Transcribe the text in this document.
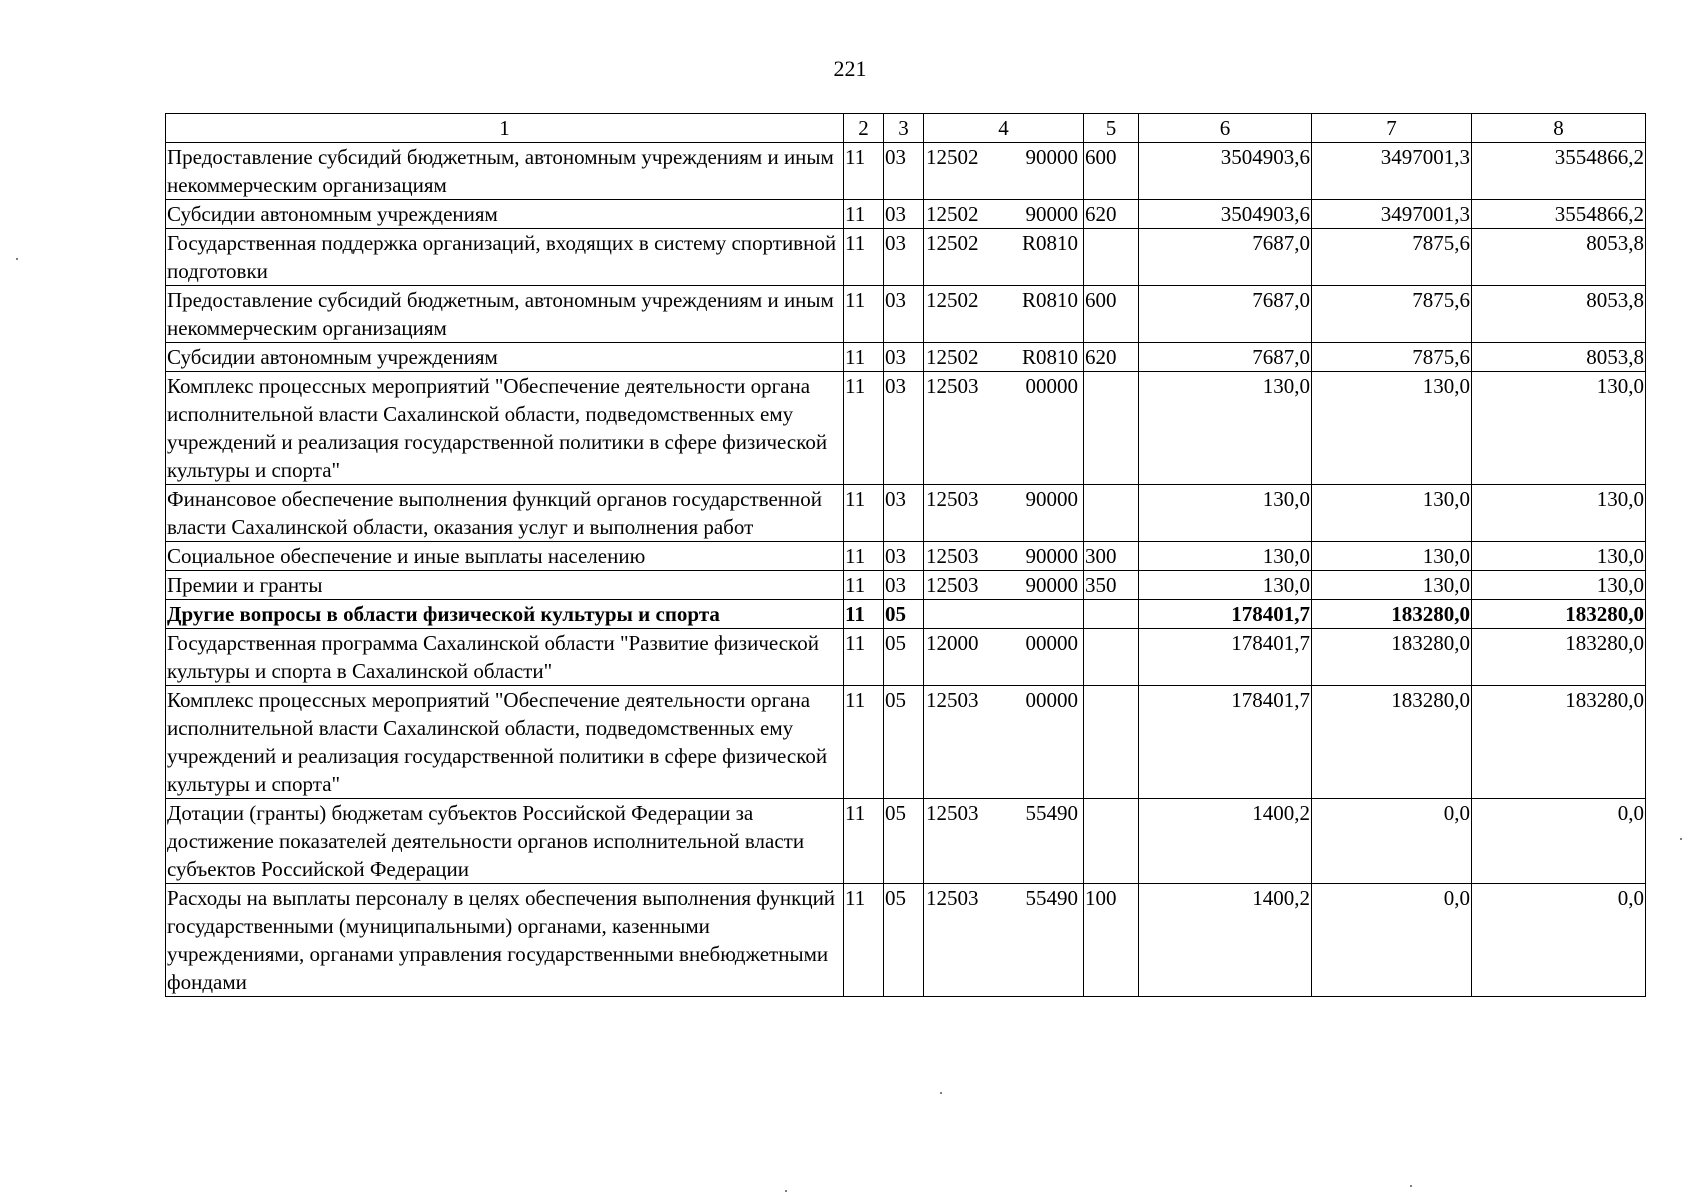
221
1	2	3	4	5	6	7	8
Предоставление субсидий бюджетным, автономным учреждениям и иным некоммерческим организациям	11	03	12502 90000	600	3504903,6	3497001,3	3554866,2
Субсидии автономным учреждениям	11	03	12502 90000	620	3504903,6	3497001,3	3554866,2
Государственная поддержка организаций, входящих в систему спортивной подготовки	11	03	12502 R0810		7687,0	7875,6	8053,8
Предоставление субсидий бюджетным, автономным учреждениям и иным некоммерческим организациям	11	03	12502 R0810	600	7687,0	7875,6	8053,8
Субсидии автономным учреждениям	11	03	12502 R0810	620	7687,0	7875,6	8053,8
Комплекс процессных мероприятий "Обеспечение деятельности органа исполнительной власти Сахалинской области, подведомственных ему учреждений и реализация государственной политики в сфере физической культуры и спорта"	11	03	12503 00000		130,0	130,0	130,0
Финансовое обеспечение выполнения функций органов государственной власти Сахалинской области, оказания услуг и выполнения работ	11	03	12503 90000		130,0	130,0	130,0
Социальное обеспечение и иные выплаты населению	11	03	12503 90000	300	130,0	130,0	130,0
Премии и гранты	11	03	12503 90000	350	130,0	130,0	130,0
Другие вопросы в области физической культуры и спорта	11	05			178401,7	183280,0	183280,0
Государственная программа Сахалинской области "Развитие физической культуры и спорта в Сахалинской области"	11	05	12000 00000		178401,7	183280,0	183280,0
Комплекс процессных мероприятий "Обеспечение деятельности органа исполнительной власти Сахалинской области, подведомственных ему учреждений и реализация государственной политики в сфере физической культуры и спорта"	11	05	12503 00000		178401,7	183280,0	183280,0
Дотации (гранты) бюджетам субъектов Российской Федерации за достижение показателей деятельности органов исполнительной власти субъектов Российской Федерации	11	05	12503 55490		1400,2	0,0	0,0
Расходы на выплаты персоналу в целях обеспечения выполнения функций государственными (муниципальными) органами, казенными учреждениями, органами управления государственными внебюджетными фондами	11	05	12503 55490	100	1400,2	0,0	0,0
